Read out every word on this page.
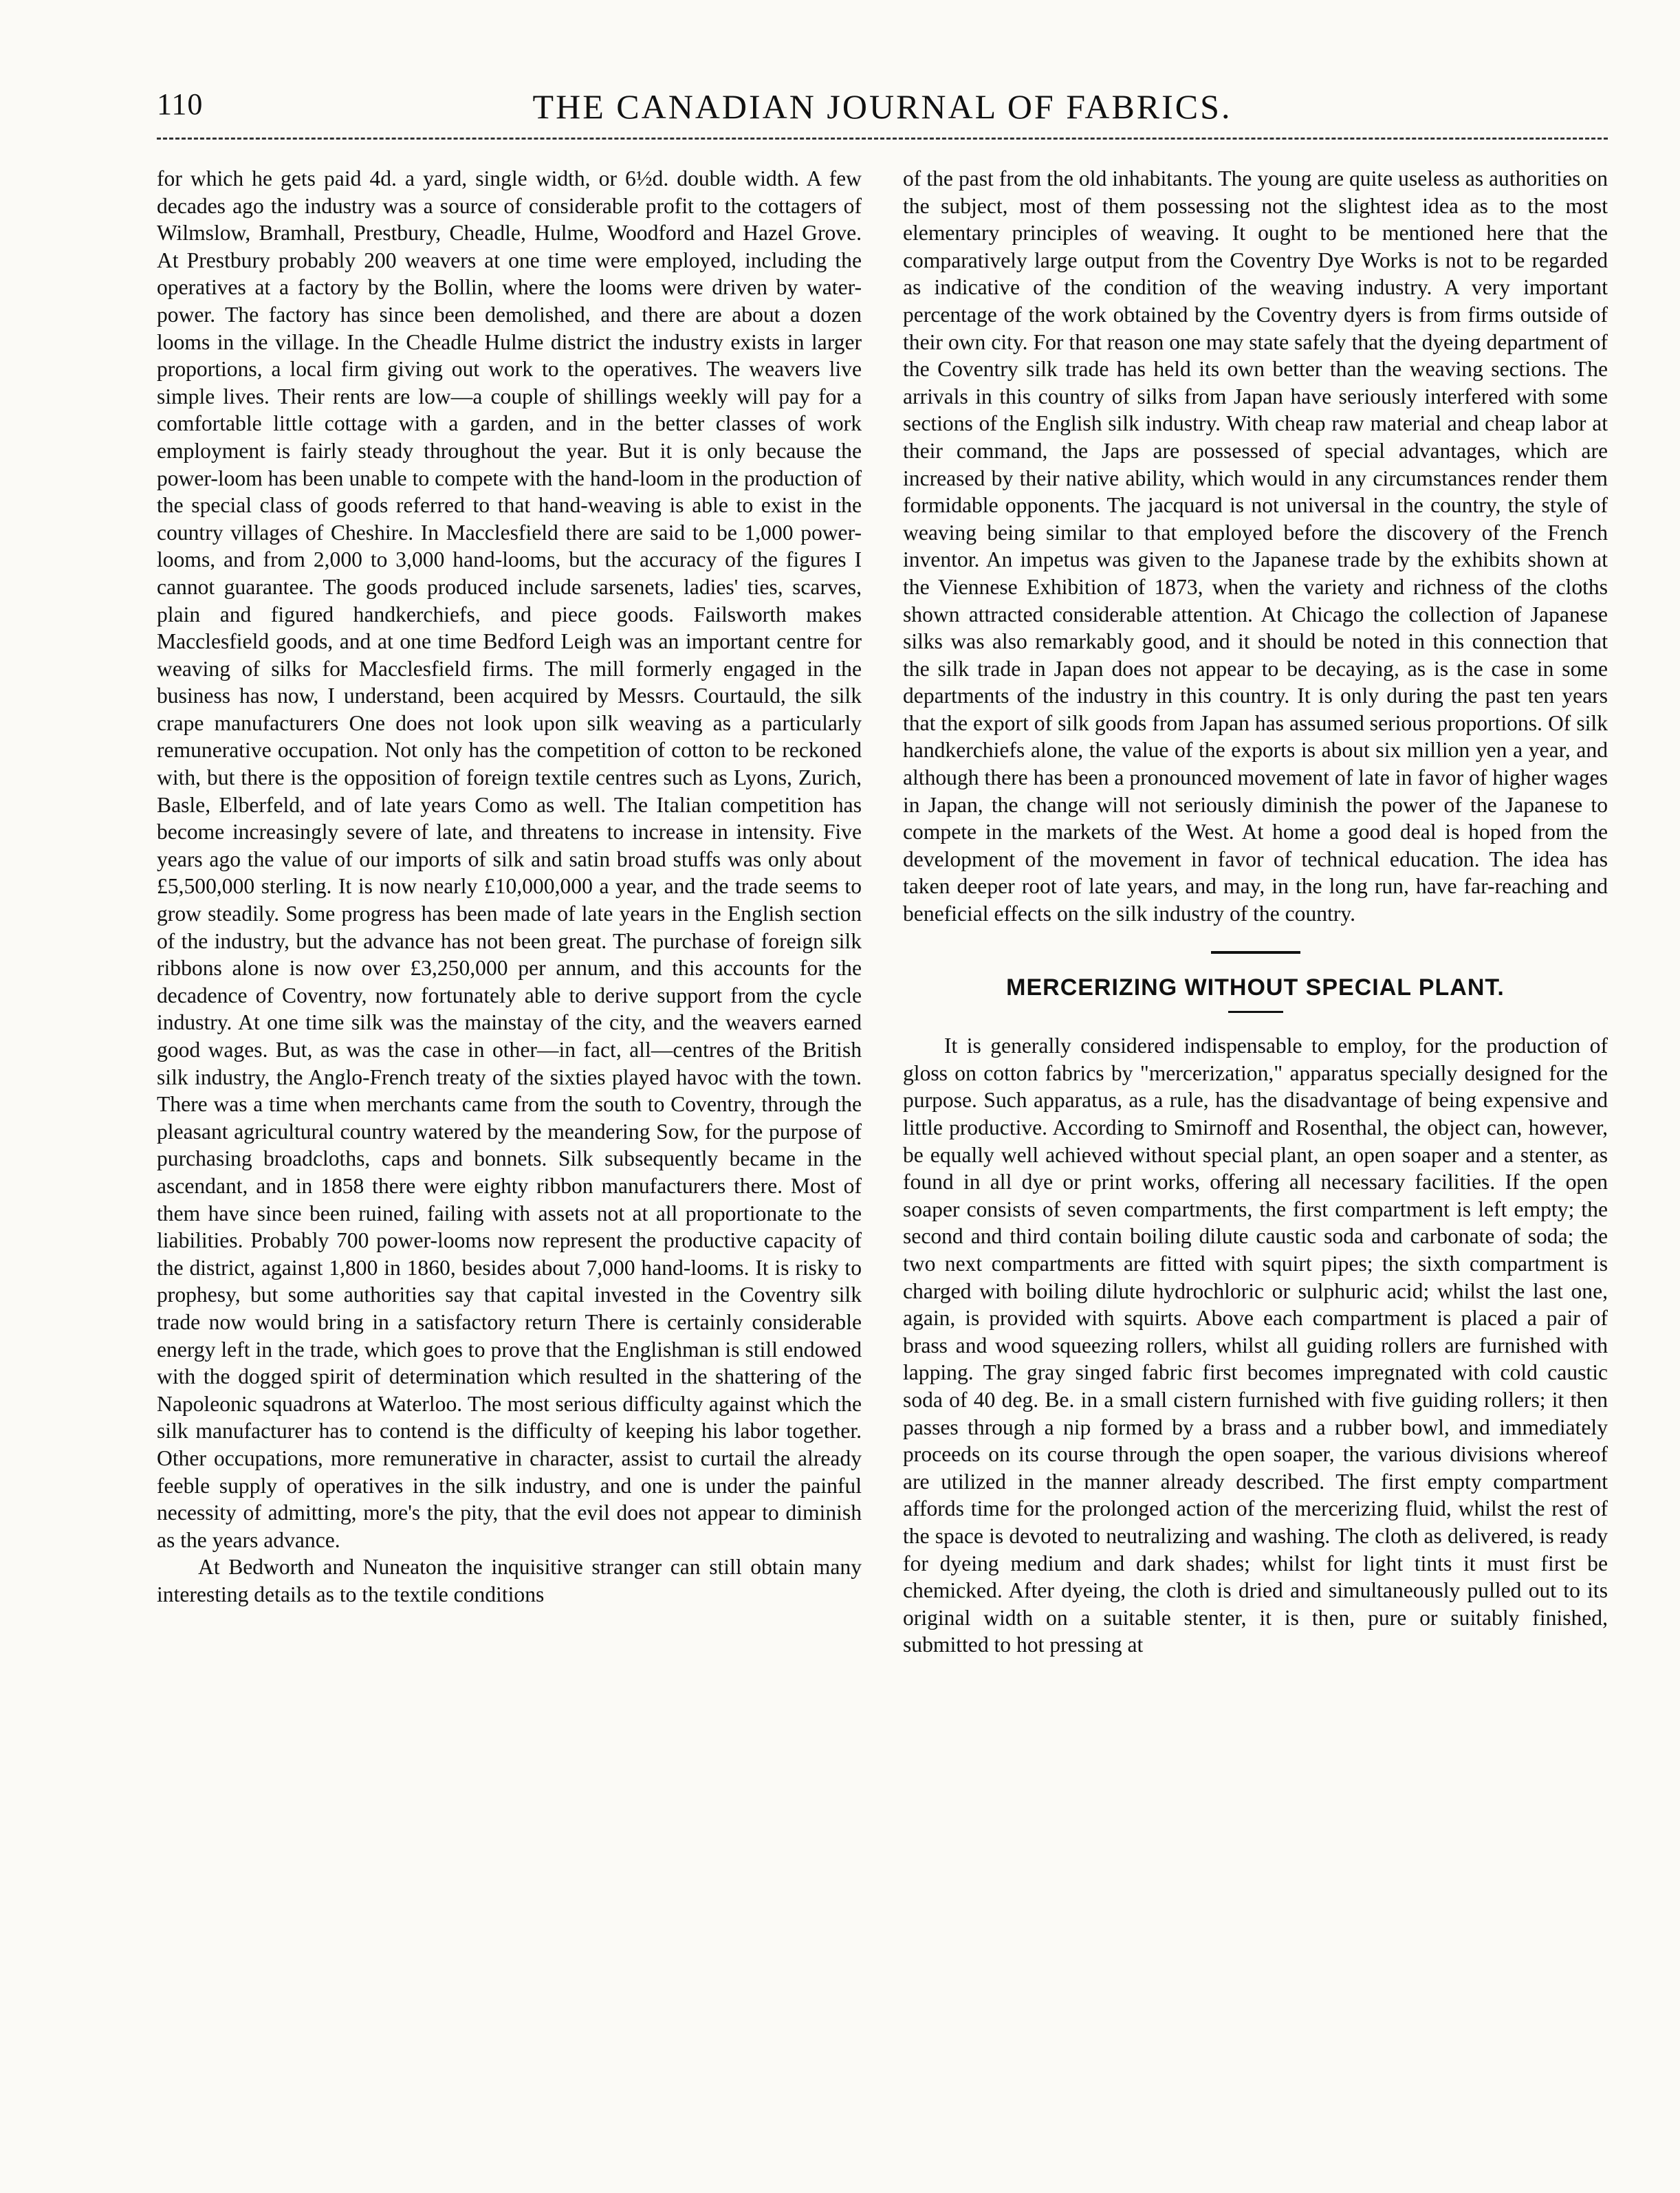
110	THE CANADIAN JOURNAL OF FABRICS.

for which he gets paid 4d. a yard, single width, or 6½d. double width. A few decades ago the industry was a source of considerable profit to the cottagers of Wilmslow, Bramhall, Prestbury, Cheadle, Hulme, Woodford and Hazel Grove. At Prestbury probably 200 weavers at one time were employed, including the operatives at a factory by the Bollin, where the looms were driven by water-power. The factory has since been demolished, and there are about a dozen looms in the village. In the Cheadle Hulme district the industry exists in larger proportions, a local firm giving out work to the operatives. The weavers live simple lives. Their rents are low—a couple of shillings weekly will pay for a comfortable little cottage with a garden, and in the better classes of work employment is fairly steady throughout the year. But it is only because the power-loom has been unable to compete with the hand-loom in the production of the special class of goods referred to that hand-weaving is able to exist in the country villages of Cheshire. In Macclesfield there are said to be 1,000 power-looms, and from 2,000 to 3,000 hand-looms, but the accuracy of the figures I cannot guarantee. The goods produced include sarsenets, ladies' ties, scarves, plain and figured handkerchiefs, and piece goods. Failsworth makes Macclesfield goods, and at one time Bedford Leigh was an important centre for weaving of silks for Macclesfield firms. The mill formerly engaged in the business has now, I understand, been acquired by Messrs. Courtauld, the silk crape manufacturers One does not look upon silk weaving as a particularly remunerative occupation. Not only has the competition of cotton to be reckoned with, but there is the opposition of foreign textile centres such as Lyons, Zurich, Basle, Elberfeld, and of late years Como as well. The Italian competition has become increasingly severe of late, and threatens to increase in intensity. Five years ago the value of our imports of silk and satin broad stuffs was only about £5,500,000 sterling. It is now nearly £10,000,000 a year, and the trade seems to grow steadily. Some progress has been made of late years in the English section of the industry, but the advance has not been great. The purchase of foreign silk ribbons alone is now over £3,250,000 per annum, and this accounts for the decadence of Coventry, now fortunately able to derive support from the cycle industry. At one time silk was the mainstay of the city, and the weavers earned good wages. But, as was the case in other—in fact, all—centres of the British silk industry, the Anglo-French treaty of the sixties played havoc with the town. There was a time when merchants came from the south to Coventry, through the pleasant agricultural country watered by the meandering Sow, for the purpose of purchasing broadcloths, caps and bonnets. Silk subsequently became in the ascendant, and in 1858 there were eighty ribbon manufacturers there. Most of them have since been ruined, failing with assets not at all proportionate to the liabilities. Probably 700 power-looms now represent the productive capacity of the district, against 1,800 in 1860, besides about 7,000 hand-looms. It is risky to prophesy, but some authorities say that capital invested in the Coventry silk trade now would bring in a satisfactory return There is certainly considerable energy left in the trade, which goes to prove that the Englishman is still endowed with the dogged spirit of determination which resulted in the shattering of the Napoleonic squadrons at Waterloo. The most serious difficulty against which the silk manufacturer has to contend is the difficulty of keeping his labor together. Other occupations, more remunerative in character, assist to curtail the already feeble supply of operatives in the silk industry, and one is under the painful necessity of admitting, more's the pity, that the evil does not appear to diminish as the years advance.

At Bedworth and Nuneaton the inquisitive stranger can still obtain many interesting details as to the textile conditions

of the past from the old inhabitants. The young are quite useless as authorities on the subject, most of them possessing not the slightest idea as to the most elementary principles of weaving. It ought to be mentioned here that the comparatively large output from the Coventry Dye Works is not to be regarded as indicative of the condition of the weaving industry. A very important percentage of the work obtained by the Coventry dyers is from firms outside of their own city. For that reason one may state safely that the dyeing department of the Coventry silk trade has held its own better than the weaving sections. The arrivals in this country of silks from Japan have seriously interfered with some sections of the English silk industry. With cheap raw material and cheap labor at their command, the Japs are possessed of special advantages, which are increased by their native ability, which would in any circumstances render them formidable opponents. The jacquard is not universal in the country, the style of weaving being similar to that employed before the discovery of the French inventor. An impetus was given to the Japanese trade by the exhibits shown at the Viennese Exhibition of 1873, when the variety and richness of the cloths shown attracted considerable attention. At Chicago the collection of Japanese silks was also remarkably good, and it should be noted in this connection that the silk trade in Japan does not appear to be decaying, as is the case in some departments of the industry in this country. It is only during the past ten years that the export of silk goods from Japan has assumed serious proportions. Of silk handkerchiefs alone, the value of the exports is about six million yen a year, and although there has been a pronounced movement of late in favor of higher wages in Japan, the change will not seriously diminish the power of the Japanese to compete in the markets of the West. At home a good deal is hoped from the development of the movement in favor of technical education. The idea has taken deeper root of late years, and may, in the long run, have far-reaching and beneficial effects on the silk industry of the country.

MERCERIZING WITHOUT SPECIAL PLANT.

It is generally considered indispensable to employ, for the production of gloss on cotton fabrics by "mercerization," apparatus specially designed for the purpose. Such apparatus, as a rule, has the disadvantage of being expensive and little productive. According to Smirnoff and Rosenthal, the object can, however, be equally well achieved without special plant, an open soaper and a stenter, as found in all dye or print works, offering all necessary facilities. If the open soaper consists of seven compartments, the first compartment is left empty; the second and third contain boiling dilute caustic soda and carbonate of soda; the two next compartments are fitted with squirt pipes; the sixth compartment is charged with boiling dilute hydrochloric or sulphuric acid; whilst the last one, again, is provided with squirts. Above each compartment is placed a pair of brass and wood squeezing rollers, whilst all guiding rollers are furnished with lapping. The gray singed fabric first becomes impregnated with cold caustic soda of 40 deg. Be. in a small cistern furnished with five guiding rollers; it then passes through a nip formed by a brass and a rubber bowl, and immediately proceeds on its course through the open soaper, the various divisions whereof are utilized in the manner already described. The first empty compartment affords time for the prolonged action of the mercerizing fluid, whilst the rest of the space is devoted to neutralizing and washing. The cloth as delivered, is ready for dyeing medium and dark shades; whilst for light tints it must first be chemicked. After dyeing, the cloth is dried and simultaneously pulled out to its original width on a suitable stenter, it is then, pure or suitably finished, submitted to hot pressing at
